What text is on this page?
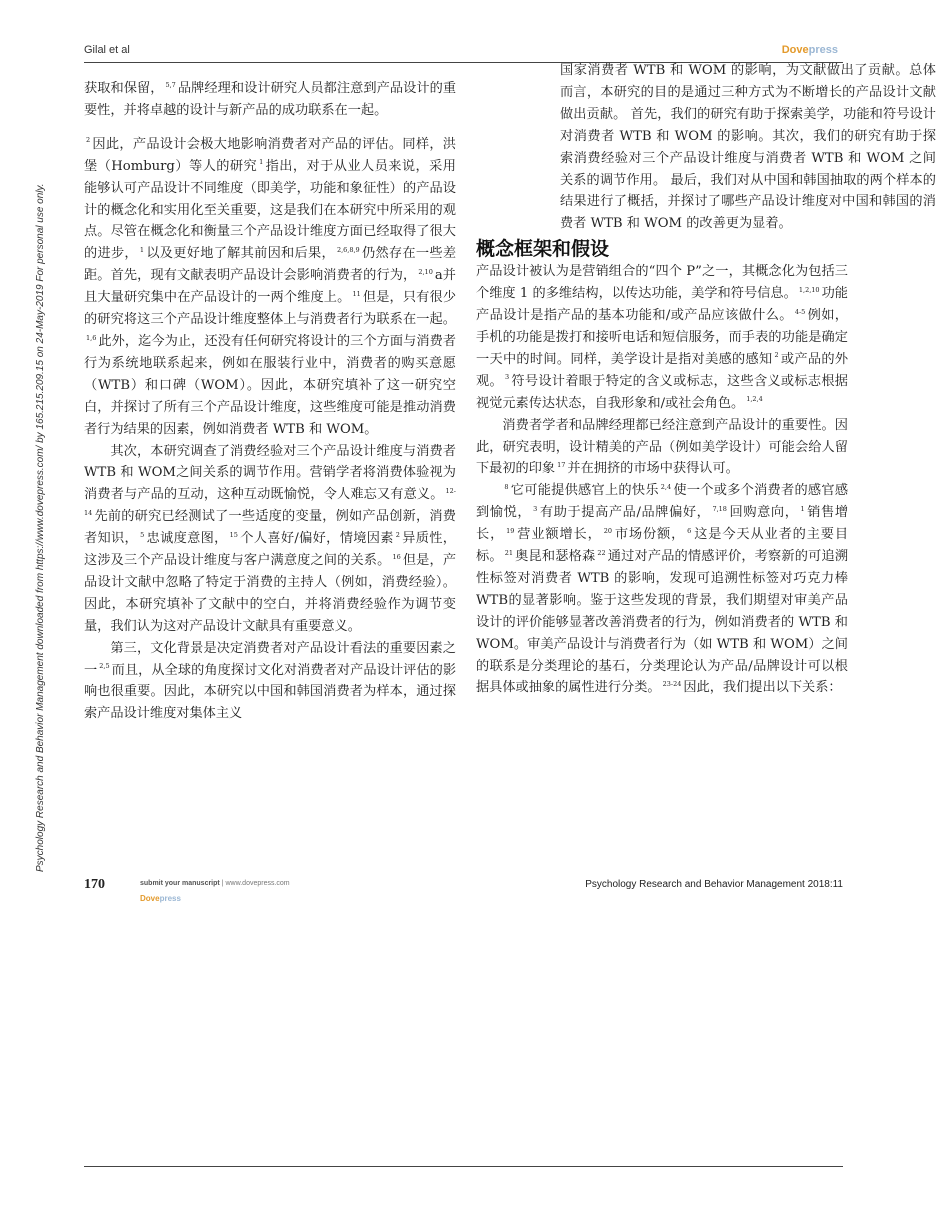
Gilal et al	Dovepress
Psychology Research and Behavior Management downloaded from https://www.dovepress.com/ by 165.215.209.15 on 24-May-2019 For personal use only.

获取和保留， $^{5,7}$ 品牌经理和设计研究人员都注意到产品设计的重要性，并将卓越的设计与新产品的成功联系在一起。

$^2$ 因此，产品设计会极大地影响消费者对产品的评估。同样，洪堡（Homburg）等人的研究 $^1$ 指出，对于从业人员来说，采用能够认可产品设计不同维度（即美学，功能和象征性）的产品设计的概念化和实用化至关重要，这是我们在本研究中所采用的观点。尽管在概念化和衡量三个产品设计维度方面已经取得了很大的进步， $^1$ 以及更好地了解其前因和后果， $^{2,6,8,9}$ 仍然存在一些差距。首先，现有文献表明产品设计会影响消费者的行为， $^{2,10}$ a并且大量研究集中在产品设计的一两个维度上。 $^{11}$ 但是，只有很少的研究将这三个产品设计维度整体上与消费者行为联系在一起。$^{1,6}$ 此外，迄今为止，还没有任何研究将设计的三个方面与消费者行为系统地联系起来，例如在服装行业中，消费者的购买意愿（WTB）和口碑（WOM）。因此，本研究填补了这一研究空白，并探讨了所有三个产品设计维度，这些维度可能是推动消费者行为结果的因素，例如消费者 WTB 和 WOM。

其次，本研究调查了消费经验对三个产品设计维度与消费者 WTB 和 WOM之间关系的调节作用。营销学者将消费体验视为消费者与产品的互动，这种互动既愉悦，令人难忘又有意义。 $^{12-14}$ 先前的研究已经测试了一些适度的变量，例如产品创新，消费者知识， $^5$ 忠诚度意图， $^{15}$ 个人喜好/偏好，情境因素 $^2$ 异质性，这涉及三个产品设计维度与客户满意度之间的关系。 $^{16}$ 但是，产品设计文献中忽略了特定于消费的主持人（例如，消费经验）。因此，本研究填补了文献中的空白，并将消费经验作为调节变量，我们认为这对产品设计文献具有重要意义。

第三，文化背景是决定消费者对产品设计看法的重要因素之一 $^{2,5}$ 而且，从全球的角度探讨文化对消费者对产品设计评估的影响也很重要。因此，本研究以中国和韩国消费者为样本，通过探索产品设计维度对集体主义

国家消费者 WTB 和 WOM 的影响，为文献做出了贡献。总体而言，本研究的目的是通过三种方式为不断增长的产品设计文献做出贡献。 首先，我们的研究有助于探索美学，功能和符号设计对消费者 WTB 和 WOM 的影响。其次，我们的研究有助于探索消费经验对三个产品设计维度与消费者 WTB 和 WOM 之间关系的调节作用。 最后，我们对从中国和韩国抽取的两个样本的结果进行了概括，并探讨了哪些产品设计维度对中国和韩国的消费者 WTB 和 WOM 的改善更为显着。

概念框架和假设

产品设计被认为是营销组合的“四个 P”之一，其概念化为包括三个维度 1 的多维结构，以传达功能，美学和符号信息。 $^{1,2,10}$ 功能产品设计是指产品的基本功能和/或产品应该做什么。 $^{4-5}$ 例如，手机的功能是拨打和接听电话和短信服务，而手表的功能是确定一天中的时间。同样，美学设计是指对美感的感知 $^2$ 或产品的外观。 $^3$ 符号设计着眼于特定的含义或标志，这些含义或标志根据视觉元素传达状态，自我形象和/或社会角色。 $^{1,2,4}$

消费者学者和品牌经理都已经注意到产品设计的重要性。因此，研究表明，设计精美的产品（例如美学设计）可能会给人留下最初的印象 $^{17}$ 并在拥挤的市场中获得认可。

$^8$ 它可能提供感官上的快乐 $^{2,4}$ 使一个或多个消费者的感官感到愉悦， $^3$ 有助于提高产品/品牌偏好， $^{7,18}$ 回购意向， $^1$ 销售增长， $^{19}$ 营业额增长， $^{20}$ 市场份额， $^6$ 这是今天从业者的主要目标。 $^{21}$ 奥昆和瑟格森 $^{22}$ 通过对产品的情感评价，考察新的可追溯性标签对消费者 WTB 的影响，发现可追溯性标签对巧克力棒 WTB的显著影响。鉴于这些发现的背景，我们期望对审美产品设计的评价能够显著改善消费者的行为，例如消费者的 WTB 和 WOM。审美产品设计与消费者行为（如 WTB 和 WOM）之间的联系是分类理论的基石，分类理论认为产品/品牌设计可以根据具体或抽象的属性进行分类。 $^{23-24}$ 因此，我们提出以下关系：

170	submit your manuscript | www.dovepress.com
Dovepress
Psychology Research and Behavior Management 2018:11
